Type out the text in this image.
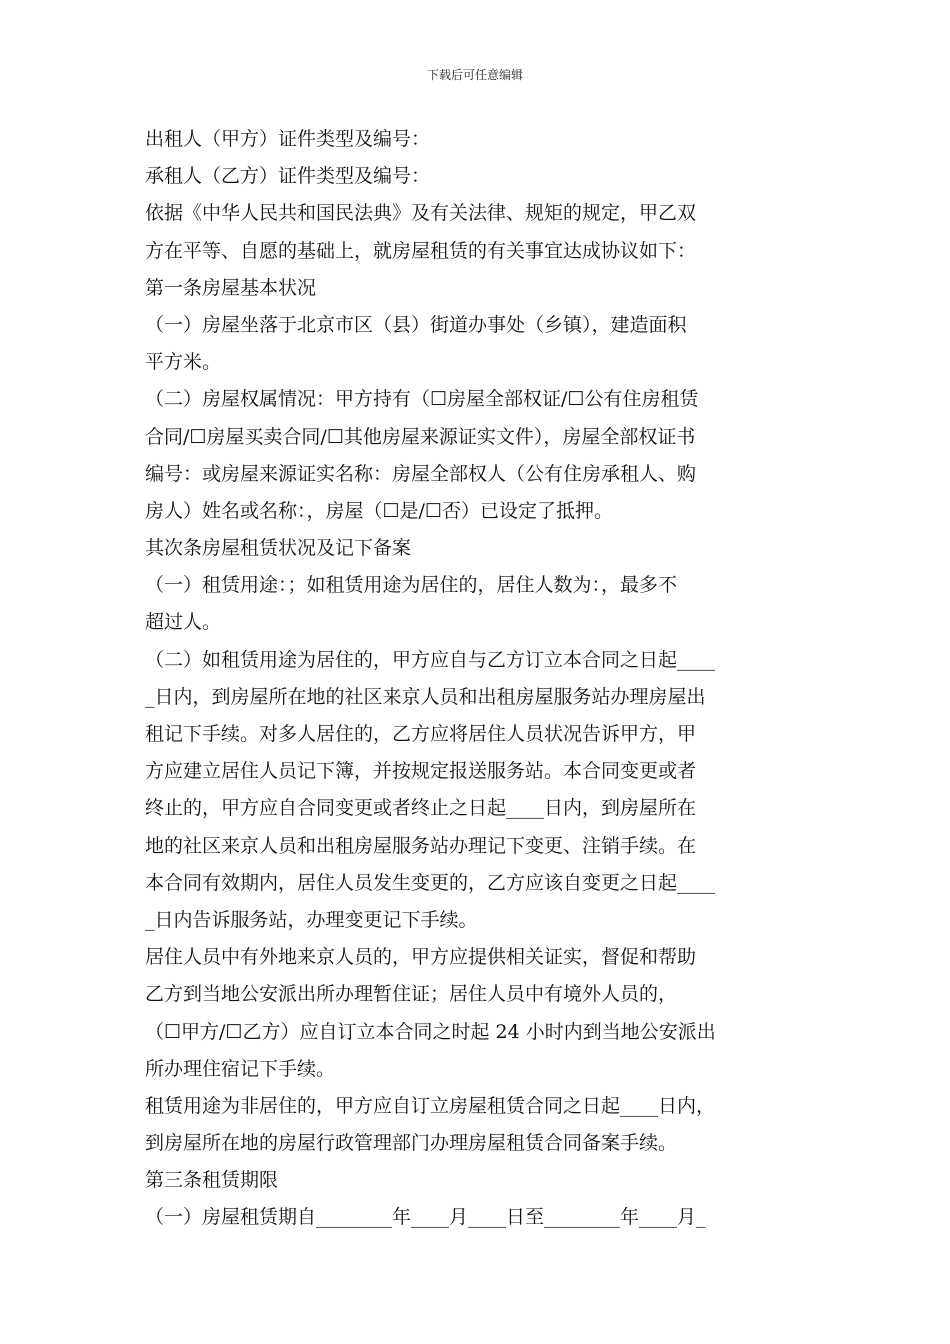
下载后可任意编辑
出租人（甲方）证件类型及编号：
承租人（乙方）证件类型及编号：
依据《中华人民共和国民法典》及有关法律、规矩的规定，甲乙双
方在平等、自愿的基础上，就房屋租赁的有关事宜达成协议如下：
第一条房屋基本状况
（一）房屋坐落于北京市区（县）街道办事处（乡镇），建造面积
平方米。
（二）房屋权属情况：甲方持有（☐房屋全部权证/☐公有住房租赁
合同/☐房屋买卖合同/☐其他房屋来源证实文件），房屋全部权证书
编号：或房屋来源证实名称：房屋全部权人（公有住房承租人、购
房人）姓名或名称：，房屋（☐是/☐否）已设定了抵押。
其次条房屋租赁状况及记下备案
（一）租赁用途：；如租赁用途为居住的，居住人数为：，最多不
超过人。
（二）如租赁用途为居住的，甲方应自与乙方订立本合同之日起____
_日内，到房屋所在地的社区来京人员和出租房屋服务站办理房屋出
租记下手续。对多人居住的，乙方应将居住人员状况告诉甲方，甲
方应建立居住人员记下簿，并按规定报送服务站。本合同变更或者
终止的，甲方应自合同变更或者终止之日起____日内，到房屋所在
地的社区来京人员和出租房屋服务站办理记下变更、注销手续。在
本合同有效期内，居住人员发生变更的，乙方应该自变更之日起____
_日内告诉服务站，办理变更记下手续。
居住人员中有外地来京人员的，甲方应提供相关证实，督促和帮助
乙方到当地公安派出所办理暂住证；居住人员中有境外人员的，
（☐甲方/☐乙方）应自订立本合同之时起 24 小时内到当地公安派出
所办理住宿记下手续。
租赁用途为非居住的，甲方应自订立房屋租赁合同之日起____日内，
到房屋所在地的房屋行政管理部门办理房屋租赁合同备案手续。
第三条租赁期限
（一）房屋租赁期自________年____月____日至________年____月_
